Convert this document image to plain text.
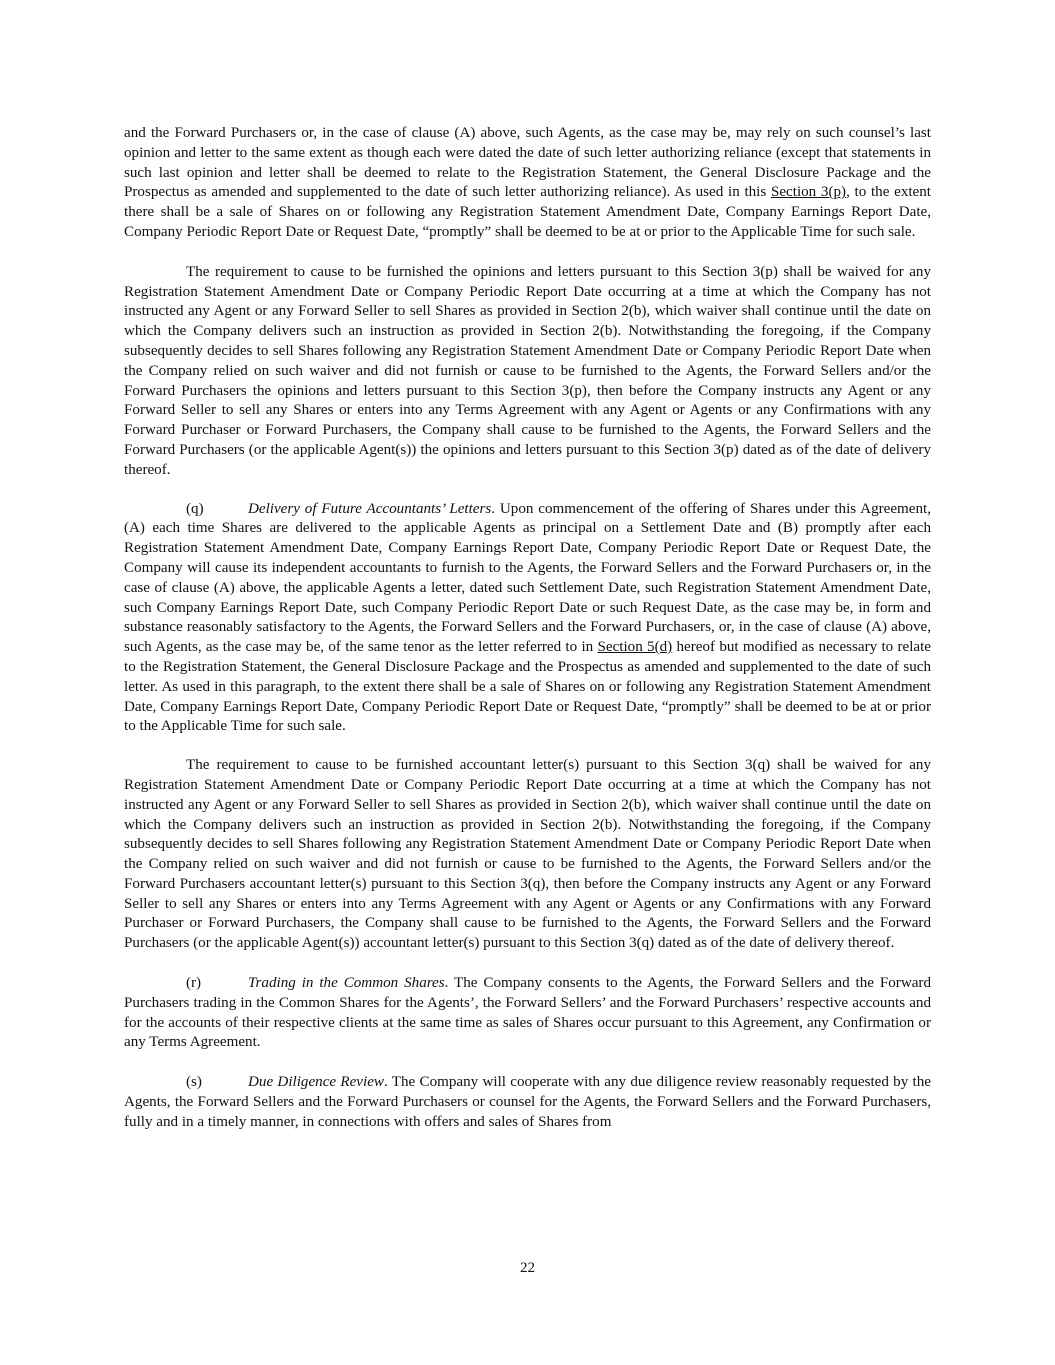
and the Forward Purchasers or, in the case of clause (A) above, such Agents, as the case may be, may rely on such counsel’s last opinion and letter to the same extent as though each were dated the date of such letter authorizing reliance (except that statements in such last opinion and letter shall be deemed to relate to the Registration Statement, the General Disclosure Package and the Prospectus as amended and supplemented to the date of such letter authorizing reliance). As used in this Section 3(p), to the extent there shall be a sale of Shares on or following any Registration Statement Amendment Date, Company Earnings Report Date, Company Periodic Report Date or Request Date, “promptly” shall be deemed to be at or prior to the Applicable Time for such sale.

The requirement to cause to be furnished the opinions and letters pursuant to this Section 3(p) shall be waived for any Registration Statement Amendment Date or Company Periodic Report Date occurring at a time at which the Company has not instructed any Agent or any Forward Seller to sell Shares as provided in Section 2(b), which waiver shall continue until the date on which the Company delivers such an instruction as provided in Section 2(b). Notwithstanding the foregoing, if the Company subsequently decides to sell Shares following any Registration Statement Amendment Date or Company Periodic Report Date when the Company relied on such waiver and did not furnish or cause to be furnished to the Agents, the Forward Sellers and/or the Forward Purchasers the opinions and letters pursuant to this Section 3(p), then before the Company instructs any Agent or any Forward Seller to sell any Shares or enters into any Terms Agreement with any Agent or Agents or any Confirmations with any Forward Purchaser or Forward Purchasers, the Company shall cause to be furnished to the Agents, the Forward Sellers and the Forward Purchasers (or the applicable Agent(s)) the opinions and letters pursuant to this Section 3(p) dated as of the date of delivery thereof.

(q)	Delivery of Future Accountants’ Letters. Upon commencement of the offering of Shares under this Agreement, (A) each time Shares are delivered to the applicable Agents as principal on a Settlement Date and (B) promptly after each Registration Statement Amendment Date, Company Earnings Report Date, Company Periodic Report Date or Request Date, the Company will cause its independent accountants to furnish to the Agents, the Forward Sellers and the Forward Purchasers or, in the case of clause (A) above, the applicable Agents a letter, dated such Settlement Date, such Registration Statement Amendment Date, such Company Earnings Report Date, such Company Periodic Report Date or such Request Date, as the case may be, in form and substance reasonably satisfactory to the Agents, the Forward Sellers and the Forward Purchasers, or, in the case of clause (A) above, such Agents, as the case may be, of the same tenor as the letter referred to in Section 5(d) hereof but modified as necessary to relate to the Registration Statement, the General Disclosure Package and the Prospectus as amended and supplemented to the date of such letter. As used in this paragraph, to the extent there shall be a sale of Shares on or following any Registration Statement Amendment Date, Company Earnings Report Date, Company Periodic Report Date or Request Date, “promptly” shall be deemed to be at or prior to the Applicable Time for such sale.

The requirement to cause to be furnished accountant letter(s) pursuant to this Section 3(q) shall be waived for any Registration Statement Amendment Date or Company Periodic Report Date occurring at a time at which the Company has not instructed any Agent or any Forward Seller to sell Shares as provided in Section 2(b), which waiver shall continue until the date on which the Company delivers such an instruction as provided in Section 2(b). Notwithstanding the foregoing, if the Company subsequently decides to sell Shares following any Registration Statement Amendment Date or Company Periodic Report Date when the Company relied on such waiver and did not furnish or cause to be furnished to the Agents, the Forward Sellers and/or the Forward Purchasers accountant letter(s) pursuant to this Section 3(q), then before the Company instructs any Agent or any Forward Seller to sell any Shares or enters into any Terms Agreement with any Agent or Agents or any Confirmations with any Forward Purchaser or Forward Purchasers, the Company shall cause to be furnished to the Agents, the Forward Sellers and the Forward Purchasers (or the applicable Agent(s)) accountant letter(s) pursuant to this Section 3(q) dated as of the date of delivery thereof.

(r)	Trading in the Common Shares. The Company consents to the Agents, the Forward Sellers and the Forward Purchasers trading in the Common Shares for the Agents’, the Forward Sellers’ and the Forward Purchasers’ respective accounts and for the accounts of their respective clients at the same time as sales of Shares occur pursuant to this Agreement, any Confirmation or any Terms Agreement.

(s)	Due Diligence Review. The Company will cooperate with any due diligence review reasonably requested by the Agents, the Forward Sellers and the Forward Purchasers or counsel for the Agents, the Forward Sellers and the Forward Purchasers, fully and in a timely manner, in connections with offers and sales of Shares from

22
